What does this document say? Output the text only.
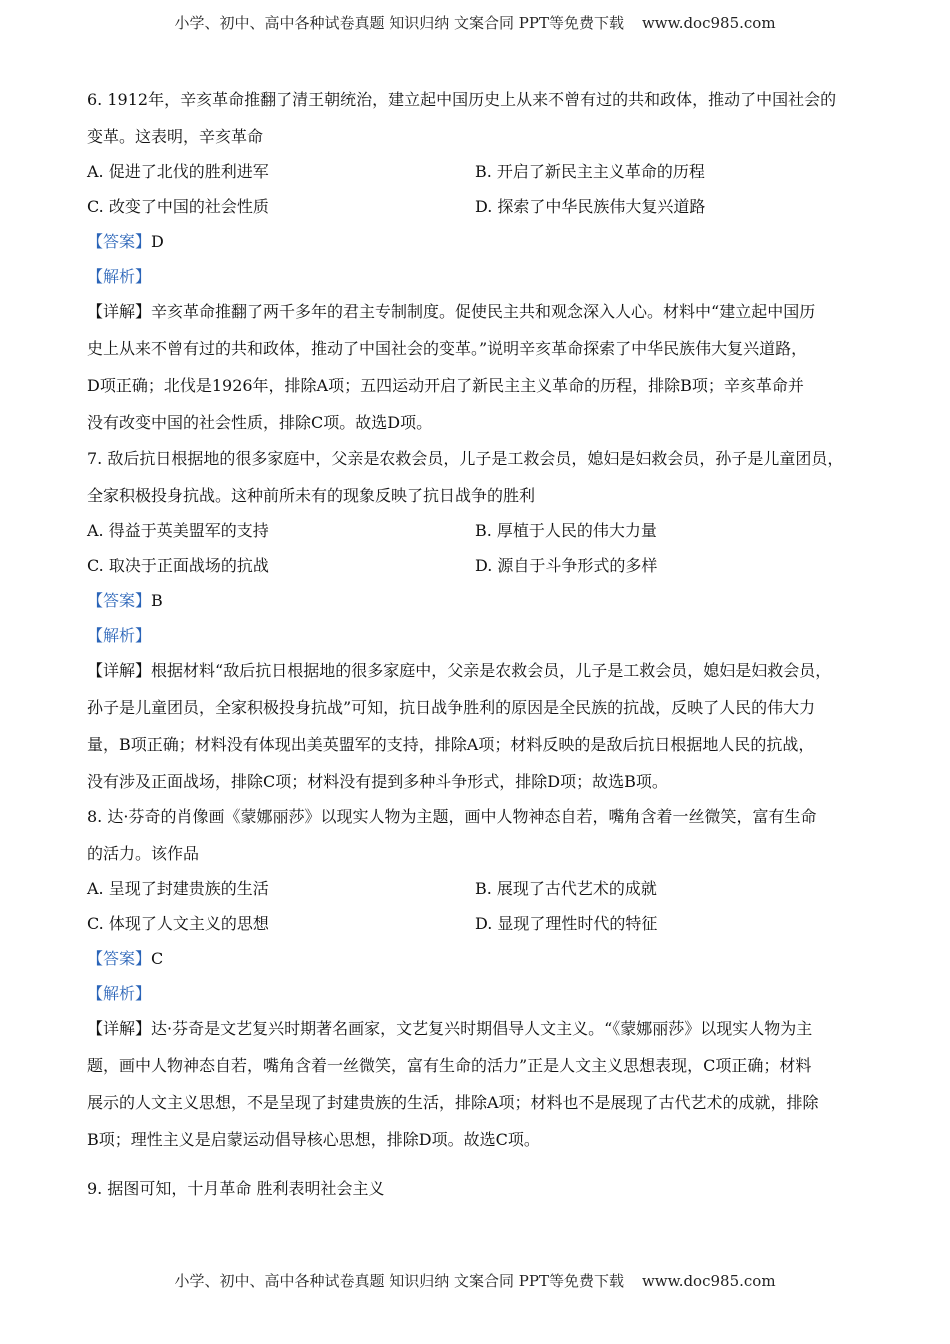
小学、初中、高中各种试卷真题 知识归纳 文案合同 PPT等免费下载 www.doc985.com
6. 1912年，辛亥革命推翻了清王朝统治，建立起中国历史上从来不曾有过的共和政体，推动了中国社会的
变革。这表明，辛亥革命
A. 促进了北伐的胜利进军	B. 开启了新民主主义革命的历程
C. 改变了中国的社会性质	D. 探索了中华民族伟大复兴道路
【答案】D
【解析】
【详解】辛亥革命推翻了两千多年的君主专制制度。促使民主共和观念深入人心。材料中“建立起中国历
史上从来不曾有过的共和政体，推动了中国社会的变革。”说明辛亥革命探索了中华民族伟大复兴道路，
D项正确；北伐是1926年，排除A项；五四运动开启了新民主主义革命的历程，排除B项；辛亥革命并
没有改变中国的社会性质，排除C项。故选D项。
7. 敌后抗日根据地的很多家庭中，父亲是农救会员，儿子是工救会员，媳妇是妇救会员，孙子是儿童团员，
全家积极投身抗战。这种前所未有的现象反映了抗日战争的胜利
A. 得益于英美盟军的支持	B. 厚植于人民的伟大力量
C. 取决于正面战场的抗战	D. 源自于斗争形式的多样
【答案】B
【解析】
【详解】根据材料“敌后抗日根据地的很多家庭中，父亲是农救会员，儿子是工救会员，媳妇是妇救会员，
孙子是儿童团员，全家积极投身抗战”可知，抗日战争胜利的原因是全民族的抗战，反映了人民的伟大力
量，B项正确；材料没有体现出美英盟军的支持，排除A项；材料反映的是敌后抗日根据地人民的抗战，
没有涉及正面战场，排除C项；材料没有提到多种斗争形式，排除D项；故选B项。
8. 达·芬奇的肖像画《蒙娜丽莎》以现实人物为主题，画中人物神态自若，嘴角含着一丝微笑，富有生命
的活力。该作品
A. 呈现了封建贵族的生活	B. 展现了古代艺术的成就
C. 体现了人文主义的思想	D. 显现了理性时代的特征
【答案】C
【解析】
【详解】达·芬奇是文艺复兴时期著名画家，文艺复兴时期倡导人文主义。“《蒙娜丽莎》以现实人物为主
题，画中人物神态自若，嘴角含着一丝微笑，富有生命的活力”正是人文主义思想表现，C项正确；材料
展示的人文主义思想，不是呈现了封建贵族的生活，排除A项；材料也不是展现了古代艺术的成就，排除
B项；理性主义是启蒙运动倡导核心思想，排除D项。故选C项。
9. 据图可知，十月革命 胜利表明社会主义
小学、初中、高中各种试卷真题 知识归纳 文案合同 PPT等免费下载 www.doc985.com
